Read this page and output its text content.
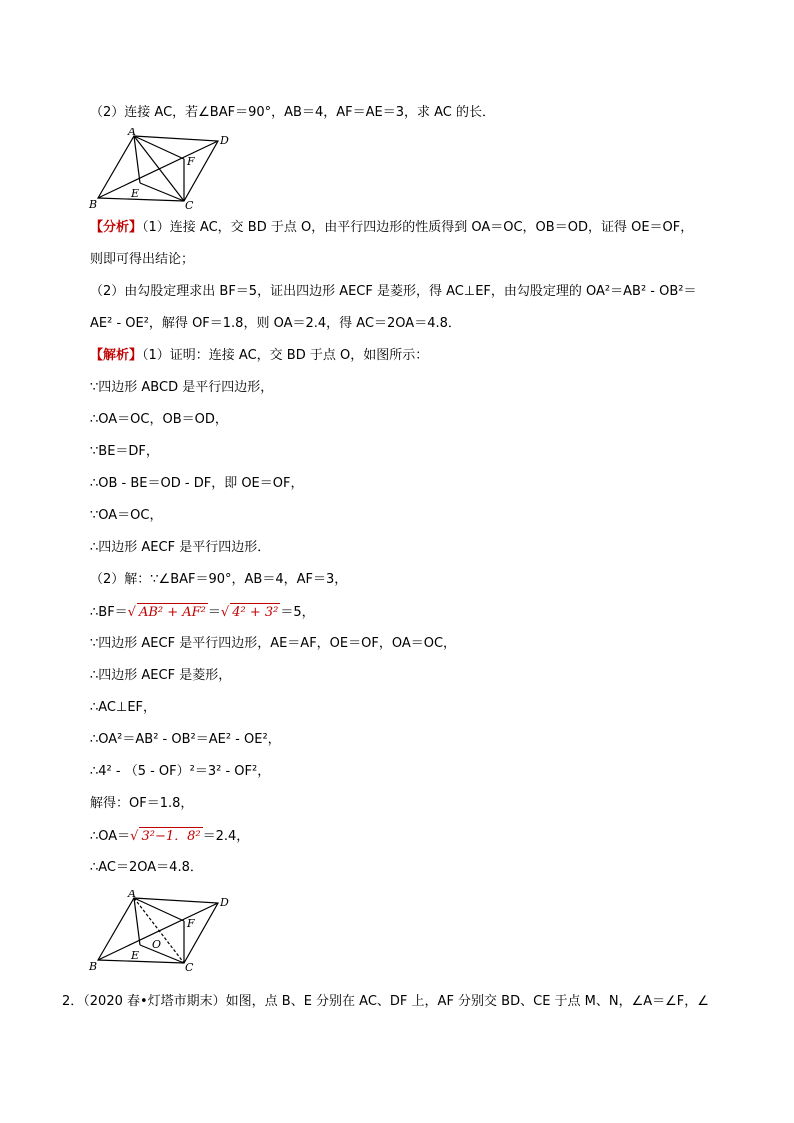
（2）连接 AC，若∠BAF＝90°，AB＝4，AF＝AE＝3，求 AC 的长．
A
D
F
E
B	C
【分析】（1）连接 AC，交 BD 于点 O，由平行四边形的性质得到 OA＝OC，OB＝OD，证得 OE＝OF，
则即可得出结论；
（2）由勾股定理求出 BF＝5，证出四边形 AECF 是菱形，得 AC⊥EF，由勾股定理的 OA²＝AB² - OB²＝
AE² - OE²，解得 OF＝1.8，则 OA＝2.4，得 AC＝2OA＝4.8．
【解析】（1）证明：连接 AC，交 BD 于点 O，如图所示：
∵四边形 ABCD 是平行四边形，
∴OA＝OC，OB＝OD，
∵BE＝DF，
∴OB - BE＝OD - DF，即 OE＝OF，
∵OA＝OC，
∴四边形 AECF 是平行四边形．
（2）解：∵∠BAF＝90°，AB＝4，AF＝3，
∴BF＝√ AB² + AF² ＝√ 4² + 3² ＝5，
∵四边形 AECF 是平行四边形，AE＝AF，OE＝OF，OA＝OC，
∴四边形 AECF 是菱形，
∴AC⊥EF，
∴OA²＝AB² - OB²＝AE² - OE²，
∴4² - （5 - OF）²＝3² - OF²，
解得：OF＝1.8，
∴OA＝√ 3²−1．8² ＝2.4，
∴AC＝2OA＝4.8．
A
D
F
O
E
B	C
2．（2020 春•灯塔市期末）如图，点 B、E 分别在 AC、DF 上，AF 分别交 BD、CE 于点 M、N，∠A＝∠F，∠
